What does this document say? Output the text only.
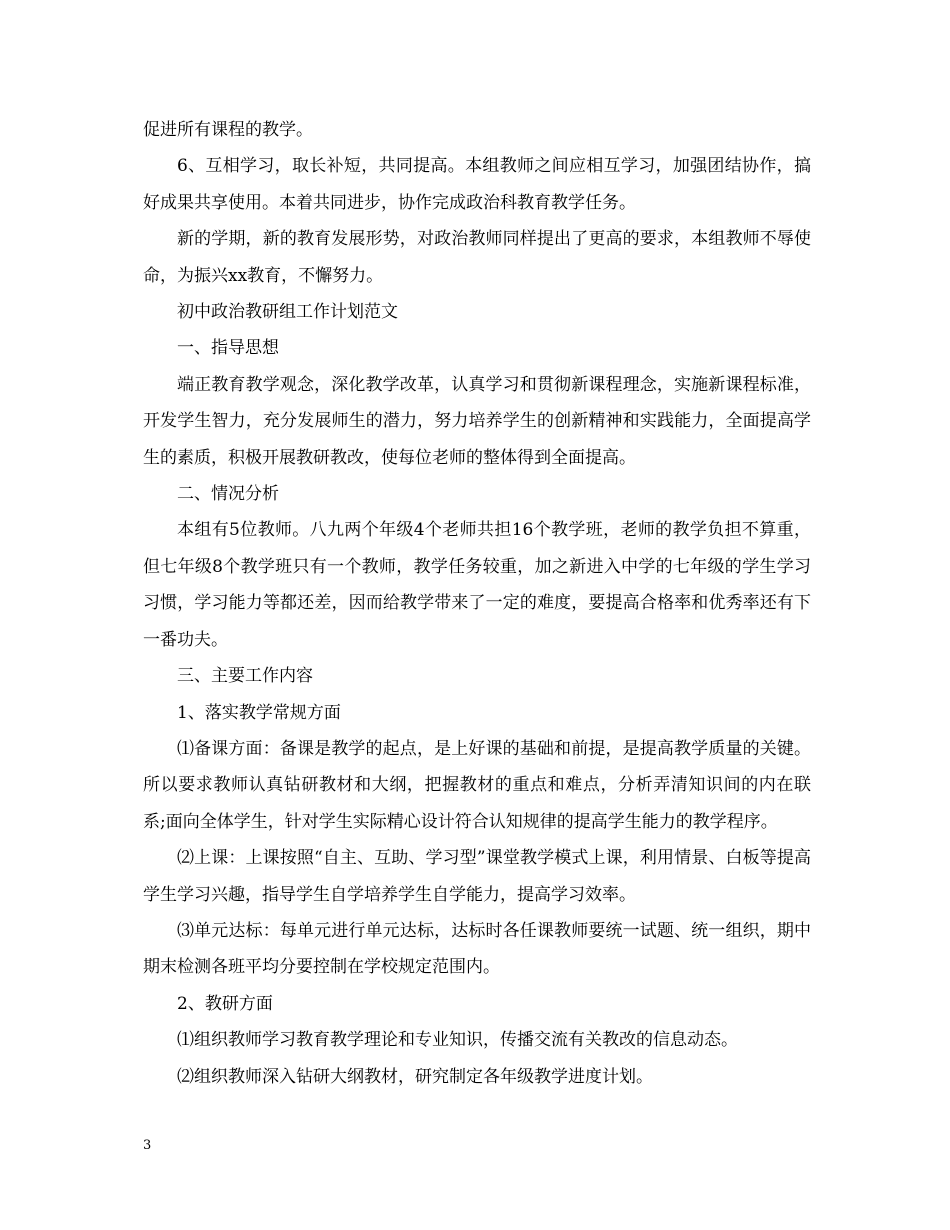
促进所有课程的教学。

6、互相学习，取长补短，共同提高。本组教师之间应相互学习，加强团结协作，搞好成果共享使用。本着共同进步，协作完成政治科教育教学任务。

新的学期，新的教育发展形势，对政治教师同样提出了更高的要求，本组教师不辱使命，为振兴xx教育，不懈努力。

初中政治教研组工作计划范文

一、指导思想

端正教育教学观念，深化教学改革，认真学习和贯彻新课程理念，实施新课程标准，开发学生智力，充分发展师生的潜力，努力培养学生的创新精神和实践能力，全面提高学生的素质，积极开展教研教改，使每位老师的整体得到全面提高。

二、情况分析

本组有5位教师。八九两个年级4个老师共担16个教学班，老师的教学负担不算重，但七年级8个教学班只有一个教师，教学任务较重，加之新进入中学的七年级的学生学习习惯，学习能力等都还差，因而给教学带来了一定的难度，要提高合格率和优秀率还有下一番功夫。

三、主要工作内容

1、落实教学常规方面

⑴备课方面：备课是教学的起点，是上好课的基础和前提，是提高教学质量的关键。所以要求教师认真钻研教材和大纲，把握教材的重点和难点，分析弄清知识间的内在联系;面向全体学生，针对学生实际精心设计符合认知规律的提高学生能力的教学程序。

⑵上课：上课按照“自主、互助、学习型”课堂教学模式上课，利用情景、白板等提高学生学习兴趣，指导学生自学培养学生自学能力，提高学习效率。

⑶单元达标：每单元进行单元达标，达标时各任课教师要统一试题、统一组织，期中期末检测各班平均分要控制在学校规定范围内。

2、教研方面

⑴组织教师学习教育教学理论和专业知识，传播交流有关教改的信息动态。

⑵组织教师深入钻研大纲教材，研究制定各年级教学进度计划。

3
